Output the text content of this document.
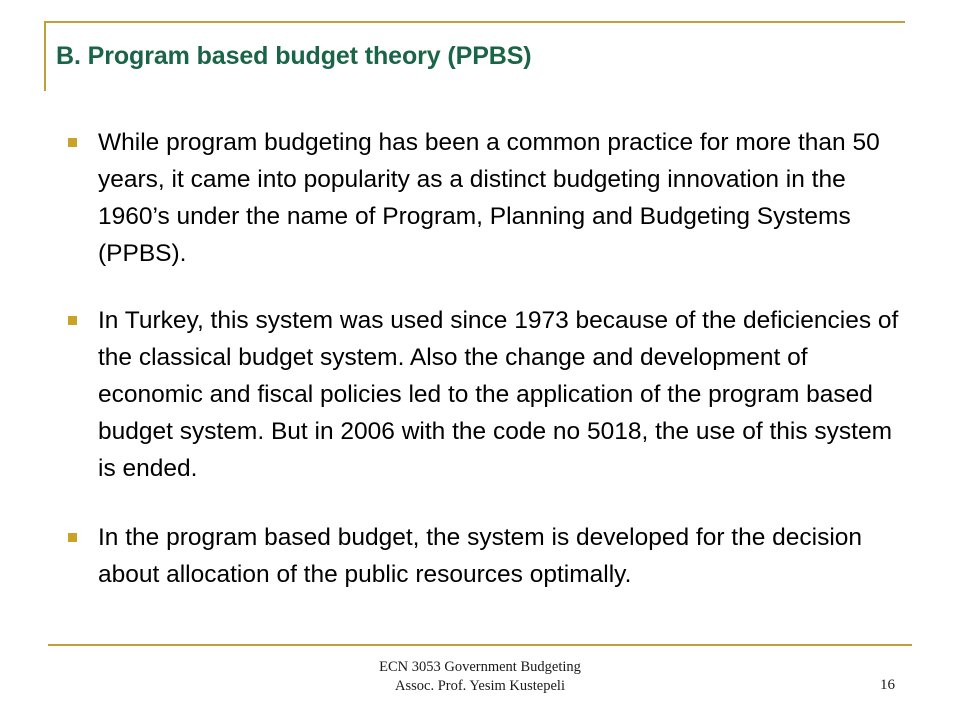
B. Program based budget theory (PPBS)
While program budgeting has been a common practice for more than 50 years, it came into popularity as a distinct budgeting innovation in the 1960’s under the name of Program, Planning and Budgeting Systems (PPBS).
In Turkey, this system was used since 1973 because of the deficiencies of the classical budget system. Also the change and development of economic and fiscal policies led to the application of the program based budget system. But in 2006 with the code no 5018, the use of this system is ended.
In the program based budget, the system is developed for the decision about allocation of the public resources optimally.
ECN 3053 Government Budgeting
Assoc. Prof. Yesim Kustepeli	16
